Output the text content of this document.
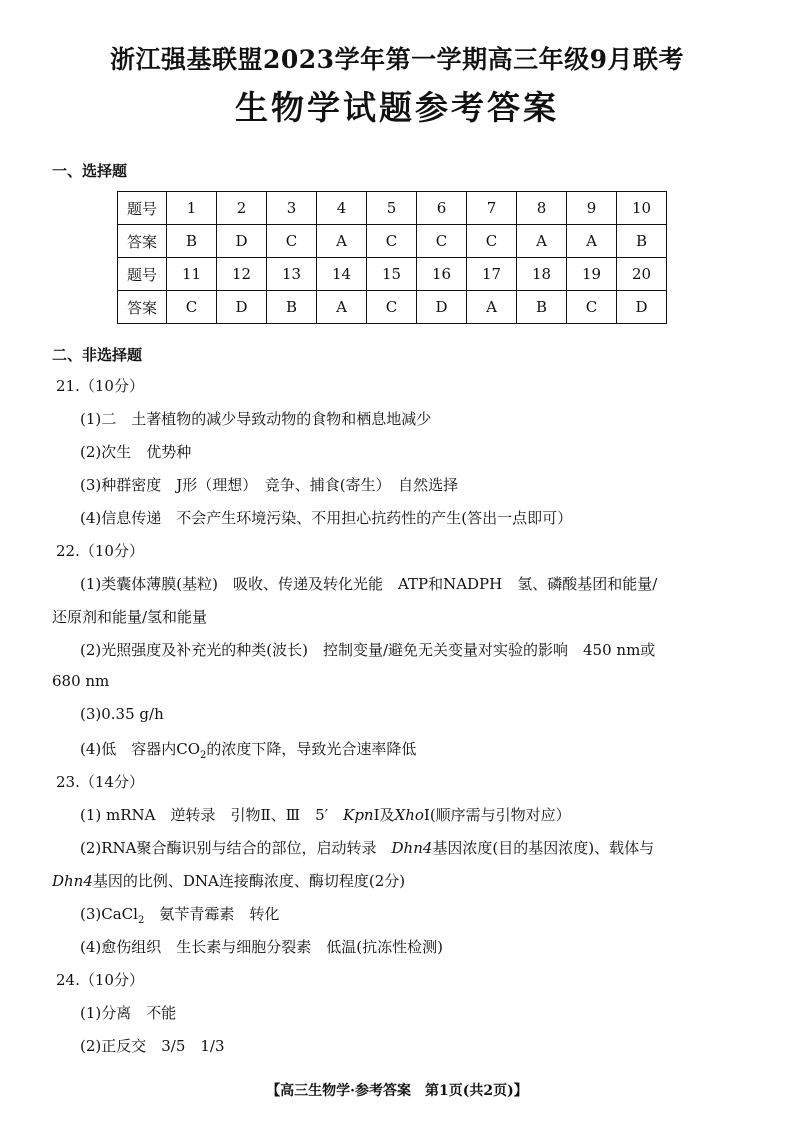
浙江强基联盟2023学年第一学期高三年级9月联考
生物学试题参考答案
一、选择题
题号	1	2	3	4	5	6	7	8	9	10
答案	B	D	C	A	C	C	C	A	A	B
题号	11	12	13	14	15	16	17	18	19	20
答案	C	D	B	A	C	D	A	B	C	D
二、非选择题
21.（10分）
(1)二　土著植物的减少导致动物的食物和栖息地减少
(2)次生　优势种
(3)种群密度　J形（理想）　竞争、捕食(寄生）　自然选择
(4)信息传递　不会产生环境污染、不用担心抗药性的产生(答出一点即可）
22.（10分）
(1)类囊体薄膜(基粒)　吸收、传递及转化光能　ATP和NADPH　氢、磷酸基团和能量/
还原剂和能量/氢和能量
(2)光照强度及补充光的种类(波长)　控制变量/避免无关变量对实验的影响　450 nm或
680 nm
(3)0.35 g/h
(4)低　容器内$CO_2$的浓度下降，导致光合速率降低
23.（14分）
(1) mRNA　逆转录　引物Ⅱ、Ⅲ　5′　KpnⅠ及XhoⅠ(顺序需与引物对应）
(2)RNA聚合酶识别与结合的部位，启动转录　Dhn4基因浓度(目的基因浓度)、载体与
Dhn4基因的比例、DNA连接酶浓度、酶切程度(2分)
(3)CaCl$_2$　氨苄青霉素　转化
(4)愈伤组织　生长素与细胞分裂素　低温(抗冻性检测)
24.（10分）
(1)分离　不能
(2)正反交　3/5　1/3
【高三生物学·参考答案　第1页(共2页)】
